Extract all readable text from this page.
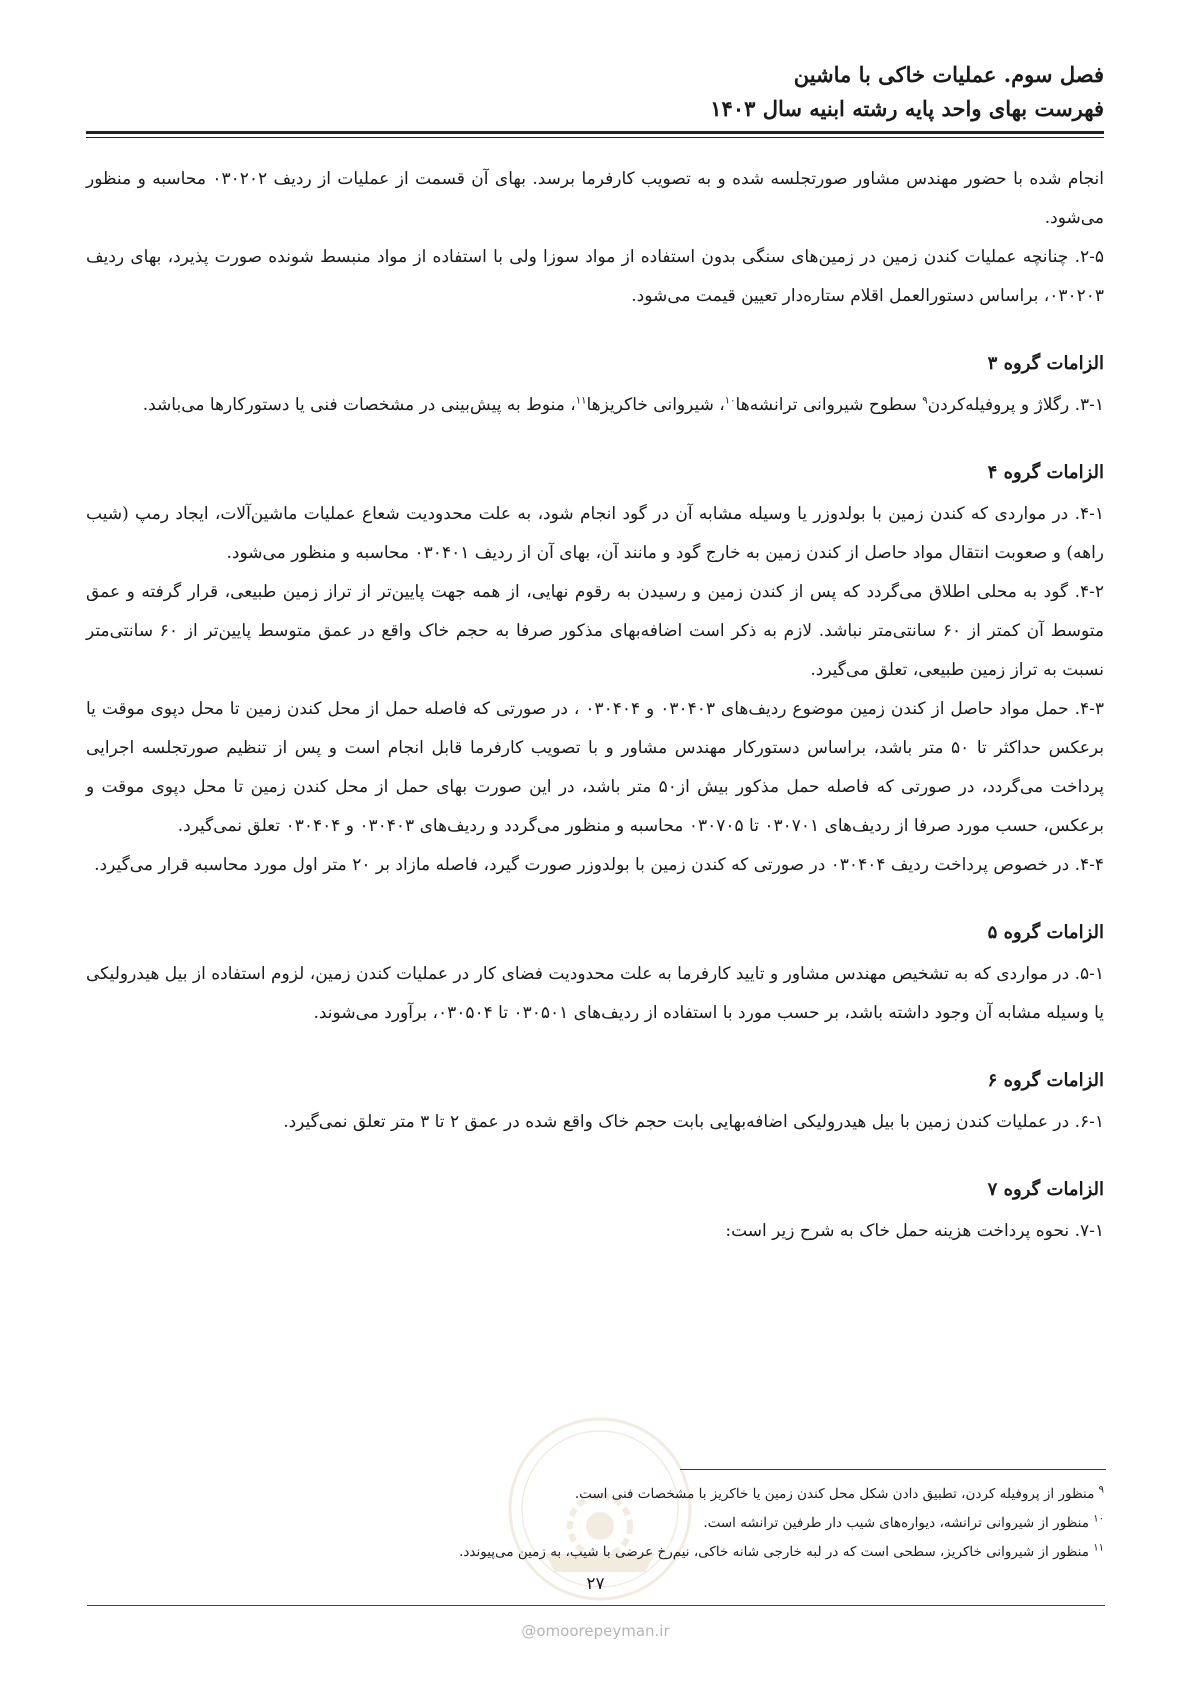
فصل سوم. عملیات خاکی با ماشین
فهرست بهای واحد پایه رشته ابنیه سال ۱۴۰۳

انجام شده با حضور مهندس مشاور صورتجلسه شده و به تصویب کارفرما برسد. بهای آن قسمت از عملیات از ردیف ۰۳۰۲۰۲ محاسبه و منظور می‌شود.

۲-۵. چنانچه عملیات کندن زمین در زمین‌های سنگی بدون استفاده از مواد سوزا ولی با استفاده از مواد منبسط شونده صورت پذیرد، بهای ردیف ۰۳۰۲۰۳، براساس دستورالعمل اقلام ستاره‌دار تعیین قیمت می‌شود.

الزامات گروه ۳

۳-۱. رگلاژ و پروفیله‌کردن$^۹$ سطوح شیروانی ترانشه‌ها$^{۱۰}$، شیروانی خاکریزها$^{۱۱}$، منوط به پیش‌بینی در مشخصات فنی یا دستورکارها می‌باشد.

الزامات گروه ۴

۴-۱. در مواردی که کندن زمین با بولدوزر یا وسیله مشابه آن در گود انجام شود، به علت محدودیت شعاع عملیات ماشین‌آلات، ایجاد رمپ (شیب راهه) و صعوبت انتقال مواد حاصل از کندن زمین به خارج گود و مانند آن، بهای آن از ردیف ۰۳۰۴۰۱ محاسبه و منظور می‌شود.

۴-۲. گود به محلی اطلاق می‌گردد که پس از کندن زمین و رسیدن به رقوم نهایی، از همه جهت پایین‌تر از تراز زمین طبیعی، قرار گرفته و عمق متوسط آن کمتر از ۶۰ سانتی‌متر نباشد. لازم به ذکر است اضافه‌بهای مذکور صرفا به حجم خاک واقع در عمق متوسط پایین‌تر از ۶۰ سانتی‌متر نسبت به تراز زمین طبیعی، تعلق می‌گیرد.

۴-۳. حمل مواد حاصل از کندن زمین موضوع ردیف‌های ۰۳۰۴۰۳ و ۰۳۰۴۰۴ ، در صورتی که فاصله حمل از محل کندن زمین تا محل دپوی موقت یا برعکس حداکثر تا ۵۰ متر باشد، براساس دستورکار مهندس مشاور و با تصویب کارفرما قابل انجام است و پس از تنظیم صورتجلسه اجرایی پرداخت می‌گردد، در صورتی که فاصله حمل مذکور بیش از۵۰ متر باشد، در این صورت بهای حمل از محل کندن زمین تا محل دپوی موقت و برعکس، حسب مورد صرفا از ردیف‌های ۰۳۰۷۰۱ تا ۰۳۰۷۰۵ محاسبه و منظور می‌گردد و ردیف‌های ۰۳۰۴۰۳ و ۰۳۰۴۰۴ تعلق نمی‌گیرد.

۴-۴. در خصوص پرداخت ردیف ۰۳۰۴۰۴ در صورتی که کندن زمین با بولدوزر صورت گیرد، فاصله مازاد بر ۲۰ متر اول مورد محاسبه قرار می‌گیرد.

الزامات گروه ۵

۵-۱. در مواردی که به تشخیص مهندس مشاور و تایید کارفرما به علت محدودیت فضای کار در عملیات کندن زمین، لزوم استفاده از بیل هیدرولیکی یا وسیله مشابه آن وجود داشته باشد، بر حسب مورد با استفاده از ردیف‌های ۰۳۰۵۰۱ تا ۰۳۰۵۰۴، برآورد می‌شوند.

الزامات گروه ۶

۶-۱. در عملیات کندن زمین با بیل هیدرولیکی اضافه‌بهایی بابت حجم خاک واقع شده در عمق ۲ تا ۳ متر تعلق نمی‌گیرد.

الزامات گروه ۷

۷-۱. نحوه پرداخت هزینه حمل خاک به شرح زیر است:

$^۹$ منظور از پروفیله کردن، تطبیق دادن شکل محل کندن زمین یا خاکریز با مشخصات فنی است.

$^{۱۰}$ منظور از شیروانی ترانشه، دیواره‌های شیب دار طرفین ترانشه است.

$^{۱۱}$ منظور از شیروانی خاکریز، سطحی است که در لبه خارجی شانه خاکی، نیم‌رخ عرضی با شیب، به زمین می‌پیوندد.

۲۷
@omoorepeyman.ir
